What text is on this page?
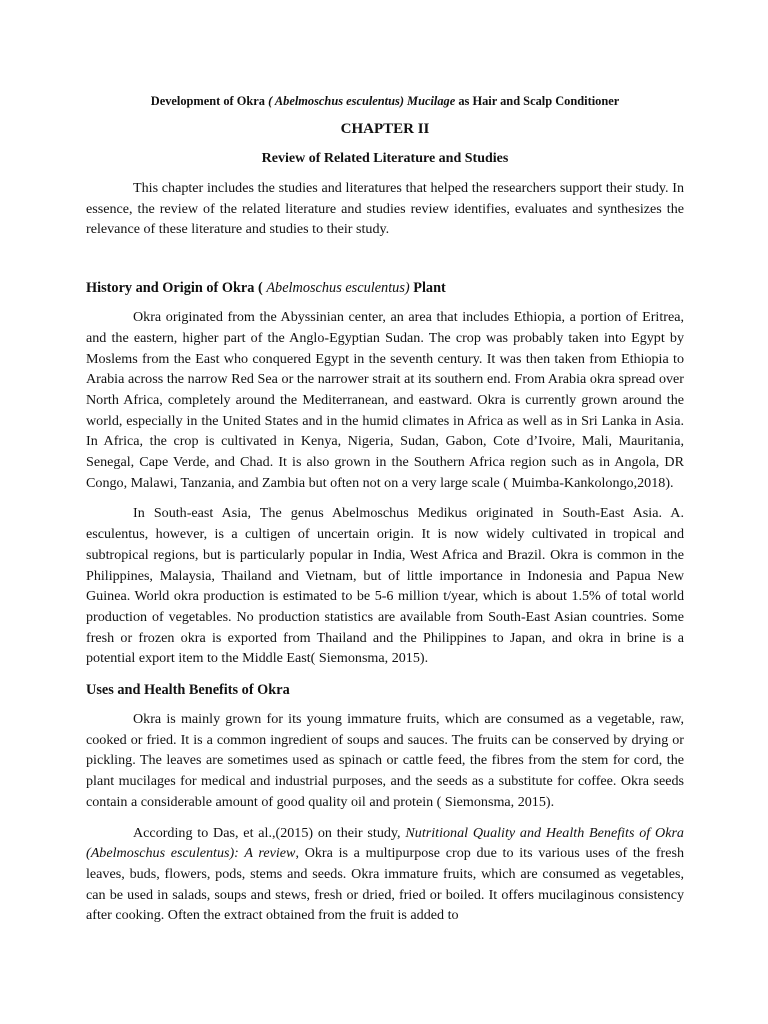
Development of Okra ( Abelmoschus esculentus) Mucilage as Hair and Scalp Conditioner
CHAPTER II
Review of Related Literature and Studies

This chapter includes the studies and literatures that helped the researchers support their study. In essence, the review of the related literature and studies review identifies, evaluates and synthesizes the relevance of these literature and studies to their study.

History and Origin of Okra ( Abelmoschus esculentus) Plant

Okra originated from the Abyssinian center, an area that includes Ethiopia, a portion of Eritrea, and the eastern, higher part of the Anglo-Egyptian Sudan. The crop was probably taken into Egypt by Moslems from the East who conquered Egypt in the seventh century. It was then taken from Ethiopia to Arabia across the narrow Red Sea or the narrower strait at its southern end. From Arabia okra spread over North Africa, completely around the Mediterranean, and eastward. Okra is currently grown around the world, especially in the United States and in the humid climates in Africa as well as in Sri Lanka in Asia. In Africa, the crop is cultivated in Kenya, Nigeria, Sudan, Gabon, Cote d’Ivoire, Mali, Mauritania, Senegal, Cape Verde, and Chad. It is also grown in the Southern Africa region such as in Angola, DR Congo, Malawi, Tanzania, and Zambia but often not on a very large scale ( Muimba-Kankolongo,2018).

In South-east Asia, The genus Abelmoschus Medikus originated in South-East Asia. A. esculentus, however, is a cultigen of uncertain origin. It is now widely cultivated in tropical and subtropical regions, but is particularly popular in India, West Africa and Brazil. Okra is common in the Philippines, Malaysia, Thailand and Vietnam, but of little importance in Indonesia and Papua New Guinea. World okra production is estimated to be 5-6 million t/year, which is about 1.5% of total world production of vegetables. No production statistics are available from South-East Asian countries. Some fresh or frozen okra is exported from Thailand and the Philippines to Japan, and okra in brine is a potential export item to the Middle East( Siemonsma, 2015).

Uses and Health Benefits of Okra

Okra is mainly grown for its young immature fruits, which are consumed as a vegetable, raw, cooked or fried. It is a common ingredient of soups and sauces. The fruits can be conserved by drying or pickling. The leaves are sometimes used as spinach or cattle feed, the fibres from the stem for cord, the plant mucilages for medical and industrial purposes, and the seeds as a substitute for coffee. Okra seeds contain a considerable amount of good quality oil and protein ( Siemonsma, 2015).

According to Das, et al.,(2015) on their study, Nutritional Quality and Health Benefits of Okra (Abelmoschus esculentus): A review, Okra is a multipurpose crop due to its various uses of the fresh leaves, buds, flowers, pods, stems and seeds. Okra immature fruits, which are consumed as vegetables, can be used in salads, soups and stews, fresh or dried, fried or boiled. It offers mucilaginous consistency after cooking. Often the extract obtained from the fruit is added to
